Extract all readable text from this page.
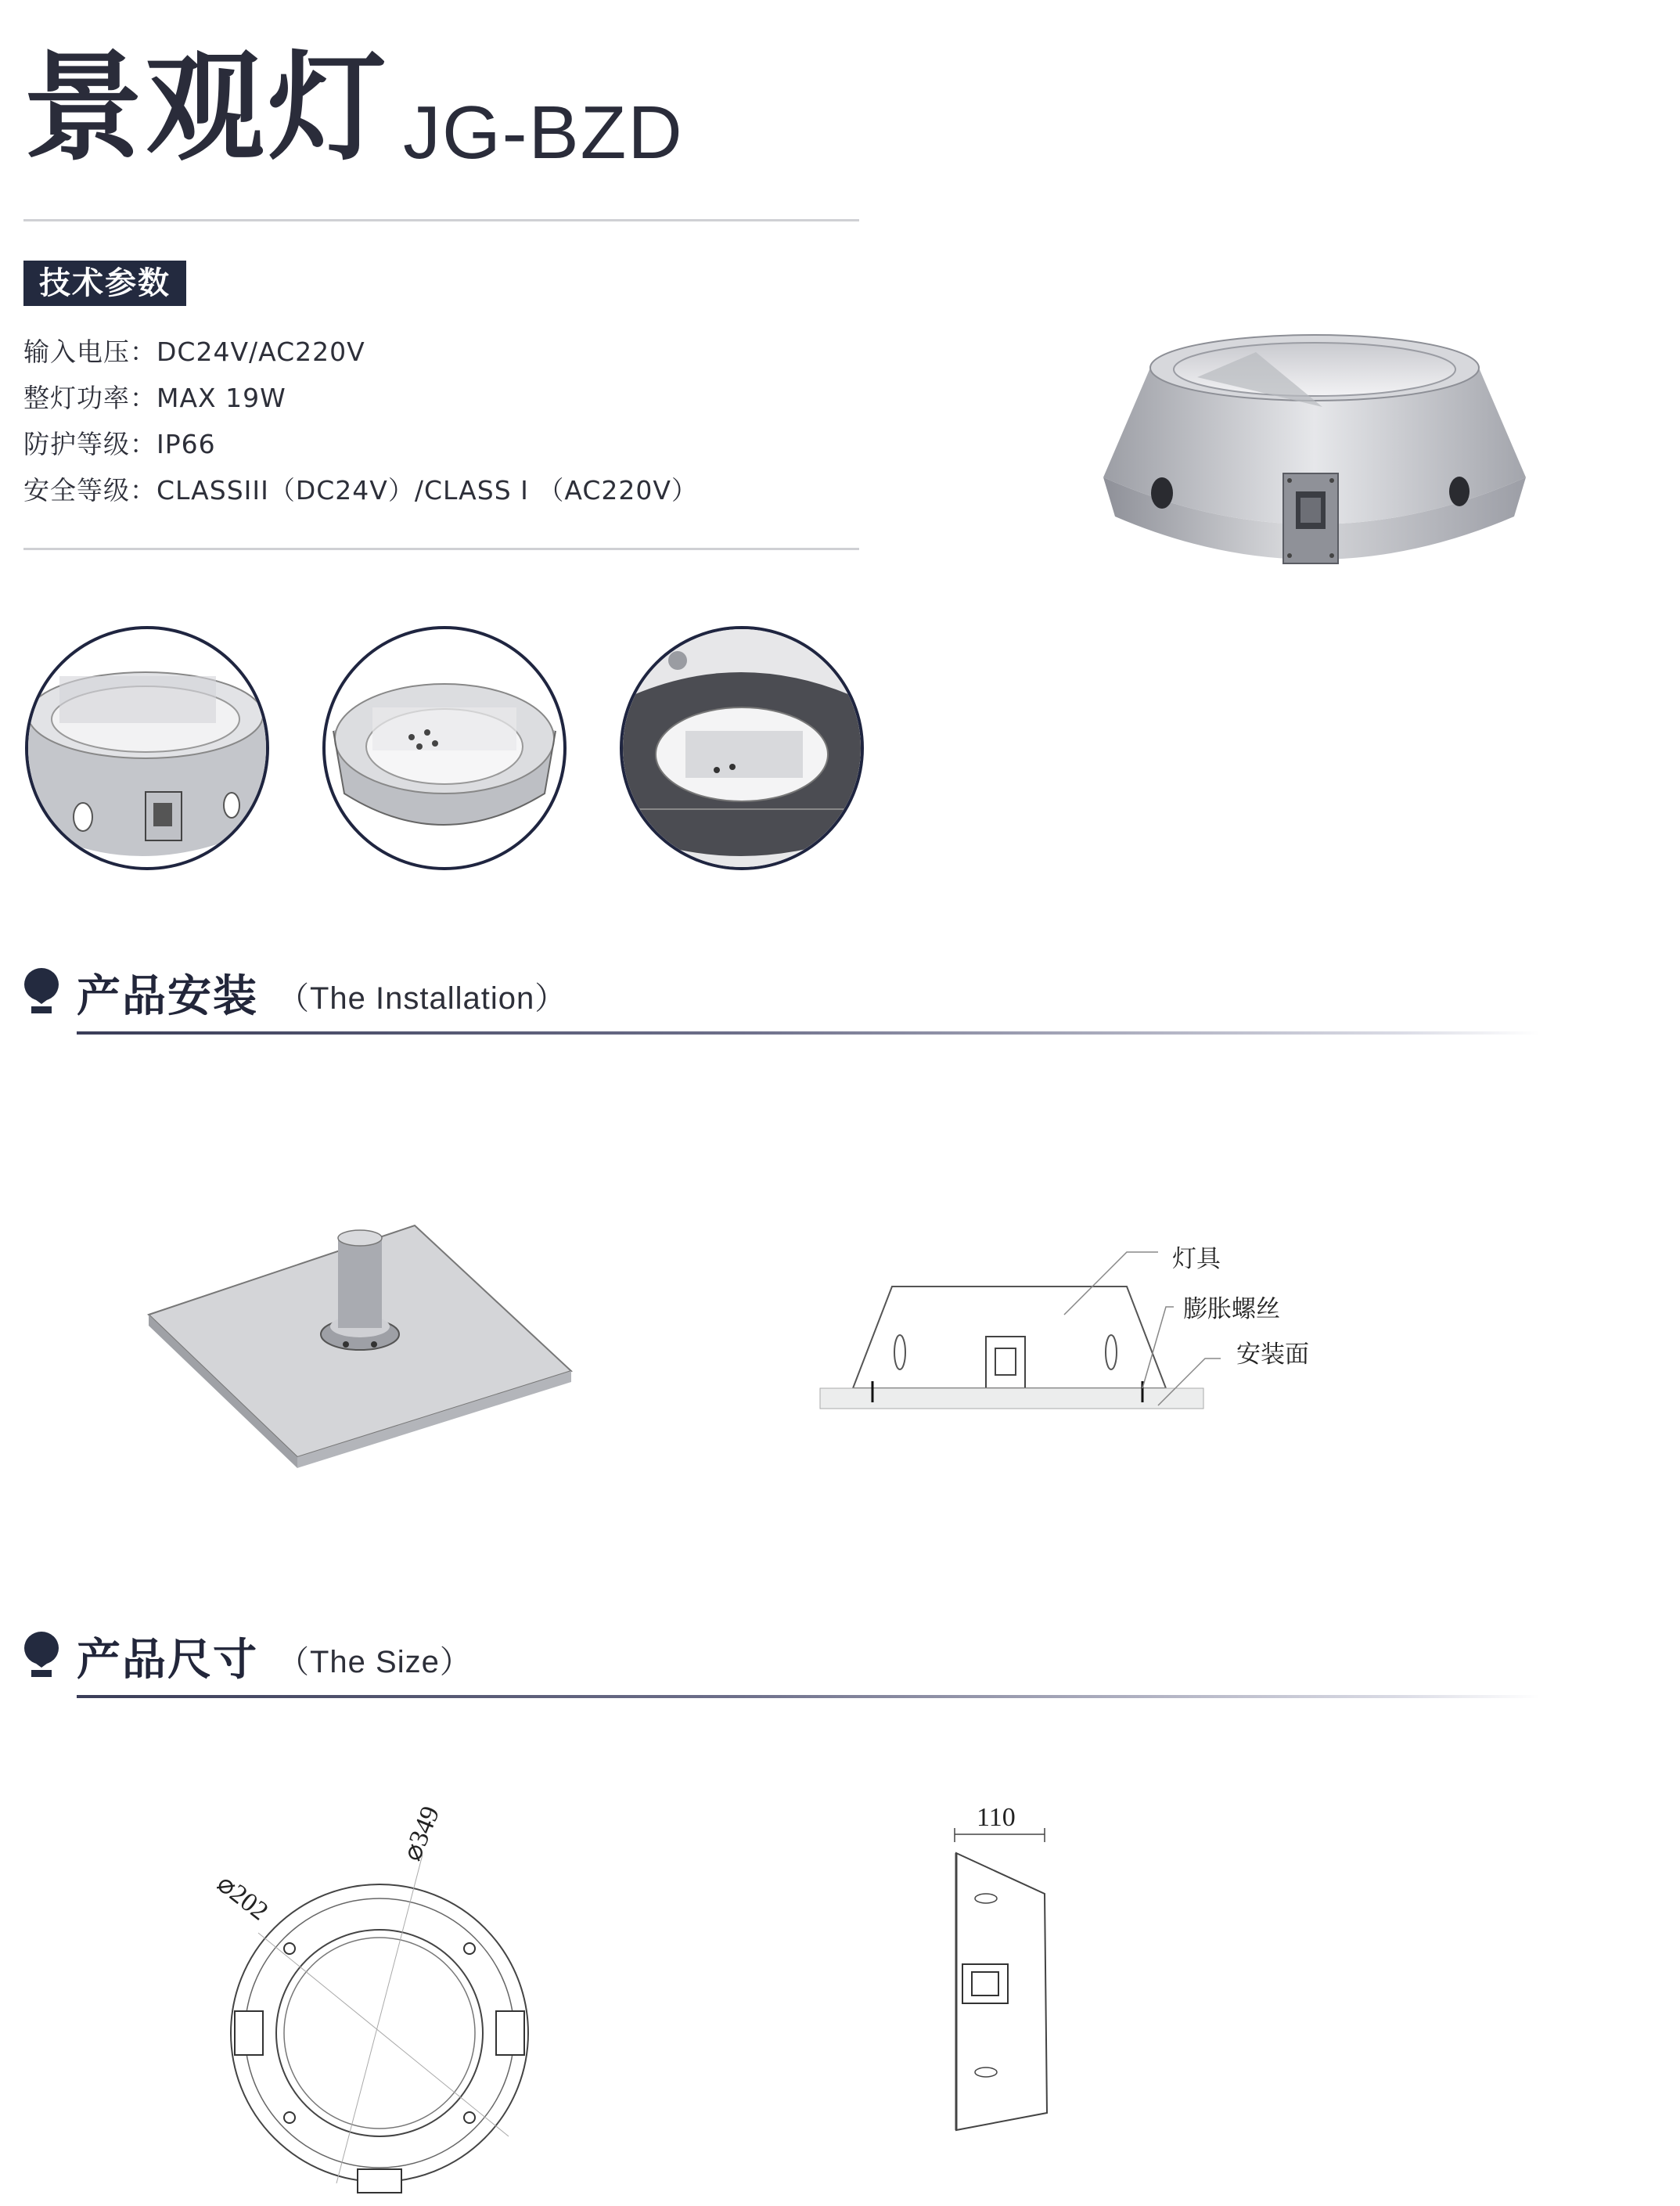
景观灯 JG-BZD
技术参数
输入电压：DC24V/AC220V
整灯功率：MAX 19W
防护等级：IP66
安全等级：CLASSIII（DC24V）/CLASS I （AC220V）
产品安装 （The Installation）
灯具
膨胀螺丝
安装面
产品尺寸 （The Size）
⌀202
⌀349	110
